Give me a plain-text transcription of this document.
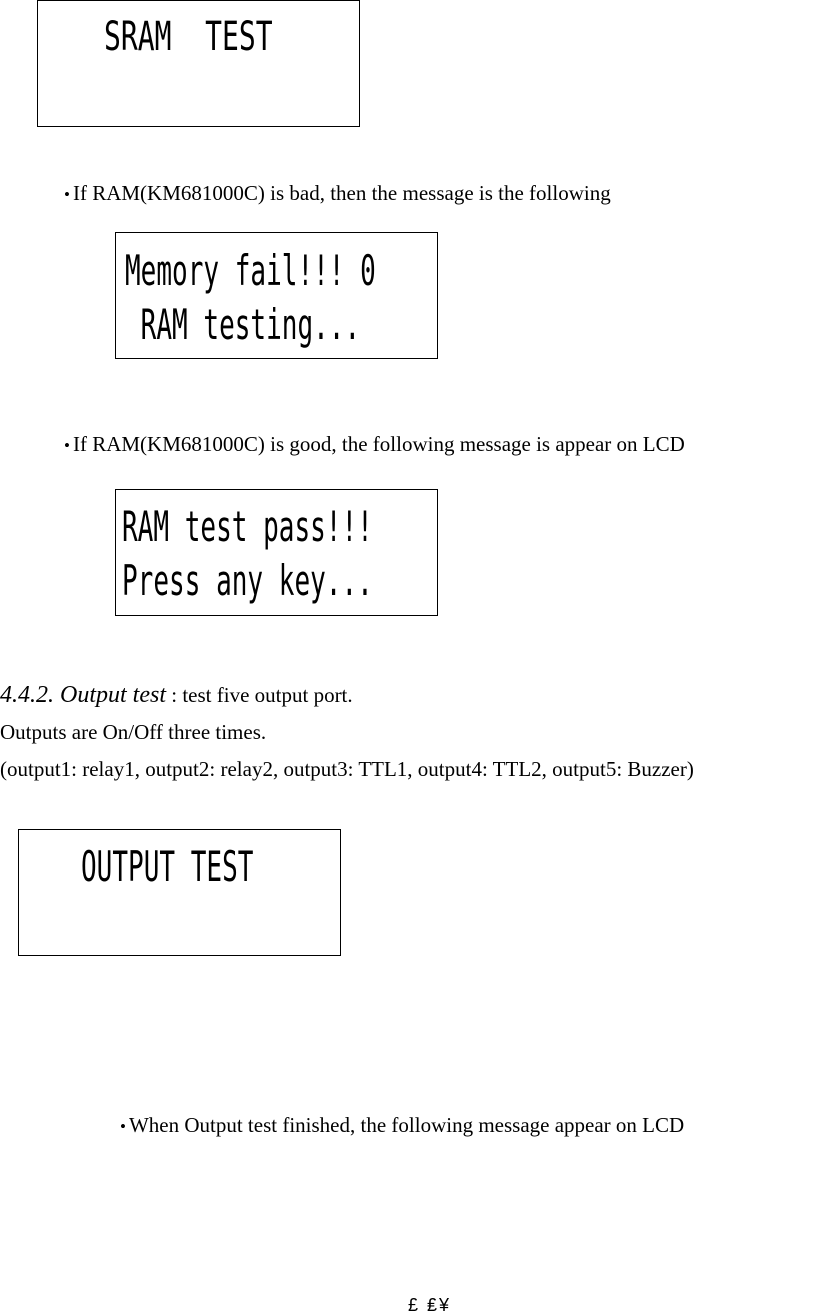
SRAM  TEST
• If RAM(KM681000C) is bad, then the message is the following
Memory fail!!! 0
RAM testing...
• If RAM(KM681000C) is good, the following message is appear on LCD
RAM test pass!!!
Press any key...
4.4.2. Output test : test five output port.
Outputs are On/Off three times.
(output1: relay1, output2: relay2, output3: TTL1, output4: TTL2, output5: Buzzer)
OUTPUT TEST
• When Output test finished, the following message appear on LCD
£ ₤¥
